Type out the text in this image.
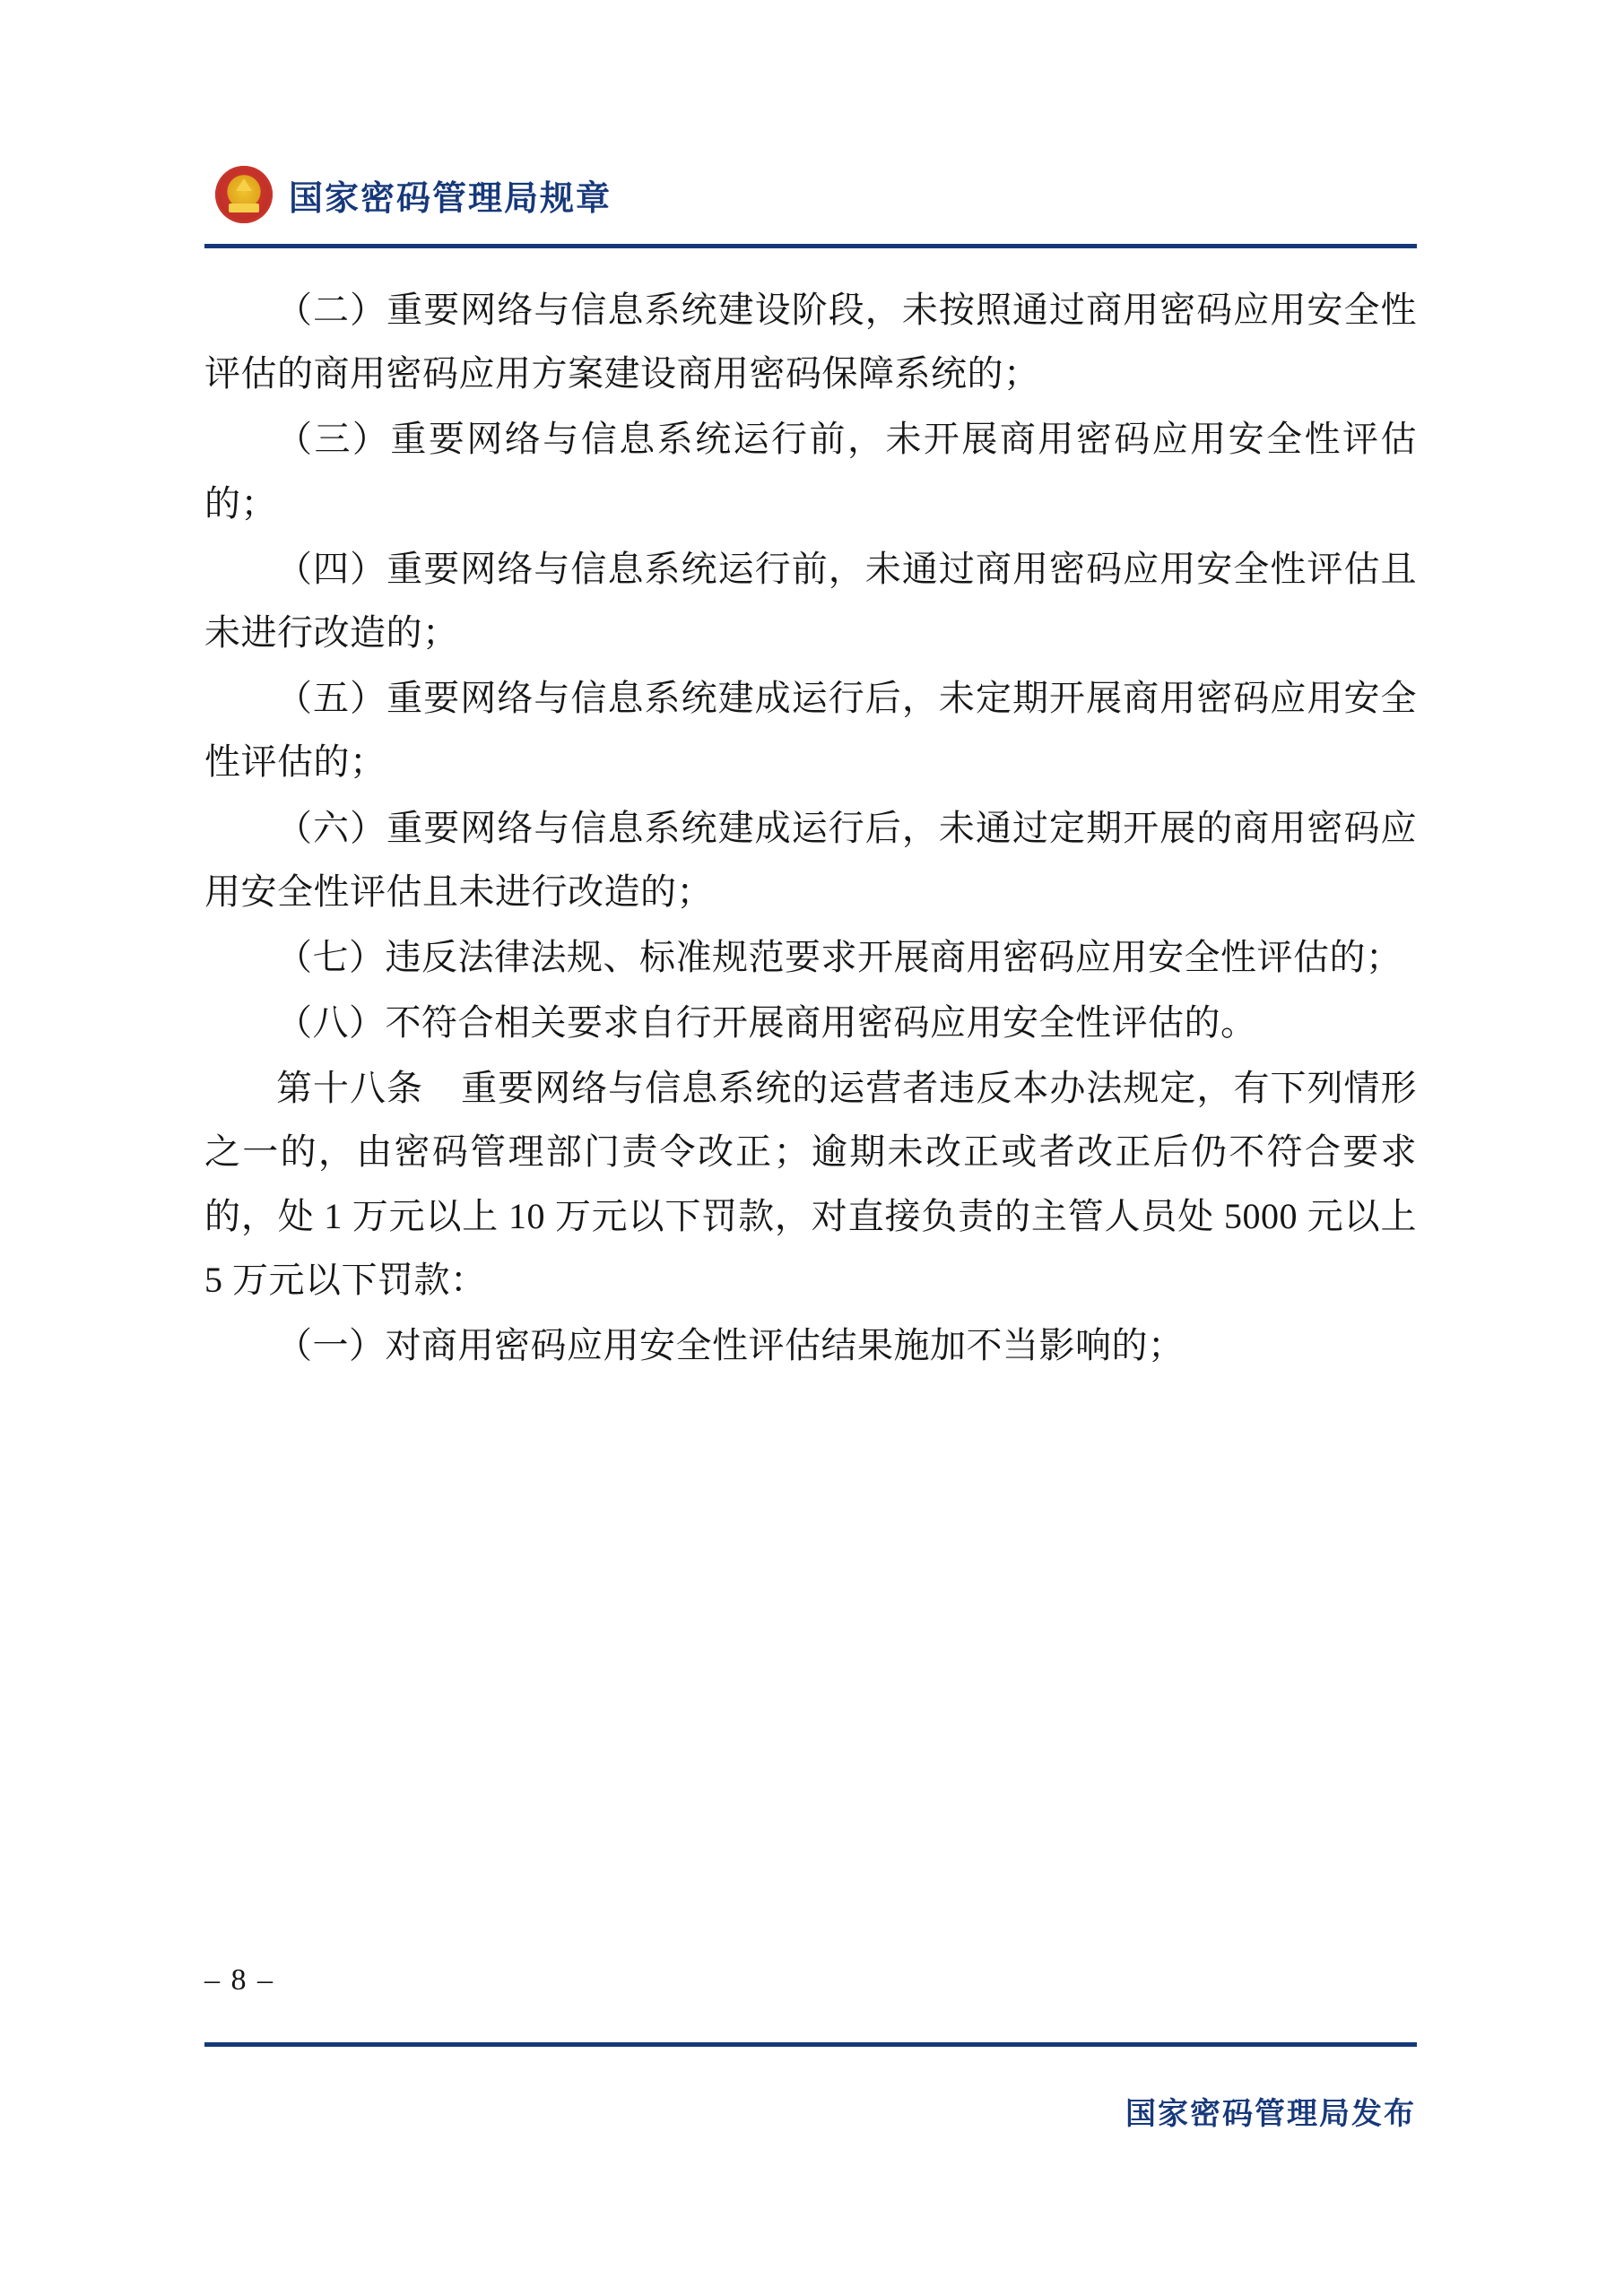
国家密码管理局规章

（二）重要网络与信息系统建设阶段，未按照通过商用密码应用安全性评估的商用密码应用方案建设商用密码保障系统的；

（三）重要网络与信息系统运行前，未开展商用密码应用安全性评估的；

（四）重要网络与信息系统运行前，未通过商用密码应用安全性评估且未进行改造的；

（五）重要网络与信息系统建成运行后，未定期开展商用密码应用安全性评估的；

（六）重要网络与信息系统建成运行后，未通过定期开展的商用密码应用安全性评估且未进行改造的；

（七）违反法律法规、标准规范要求开展商用密码应用安全性评估的；

（八）不符合相关要求自行开展商用密码应用安全性评估的。

第十八条 重要网络与信息系统的运营者违反本办法规定，有下列情形之一的，由密码管理部门责令改正；逾期未改正或者改正后仍不符合要求的，处 1 万元以上 10 万元以下罚款，对直接负责的主管人员处 5000 元以上 5 万元以下罚款：

（一）对商用密码应用安全性评估结果施加不当影响的；

– 8 –
国家密码管理局发布
